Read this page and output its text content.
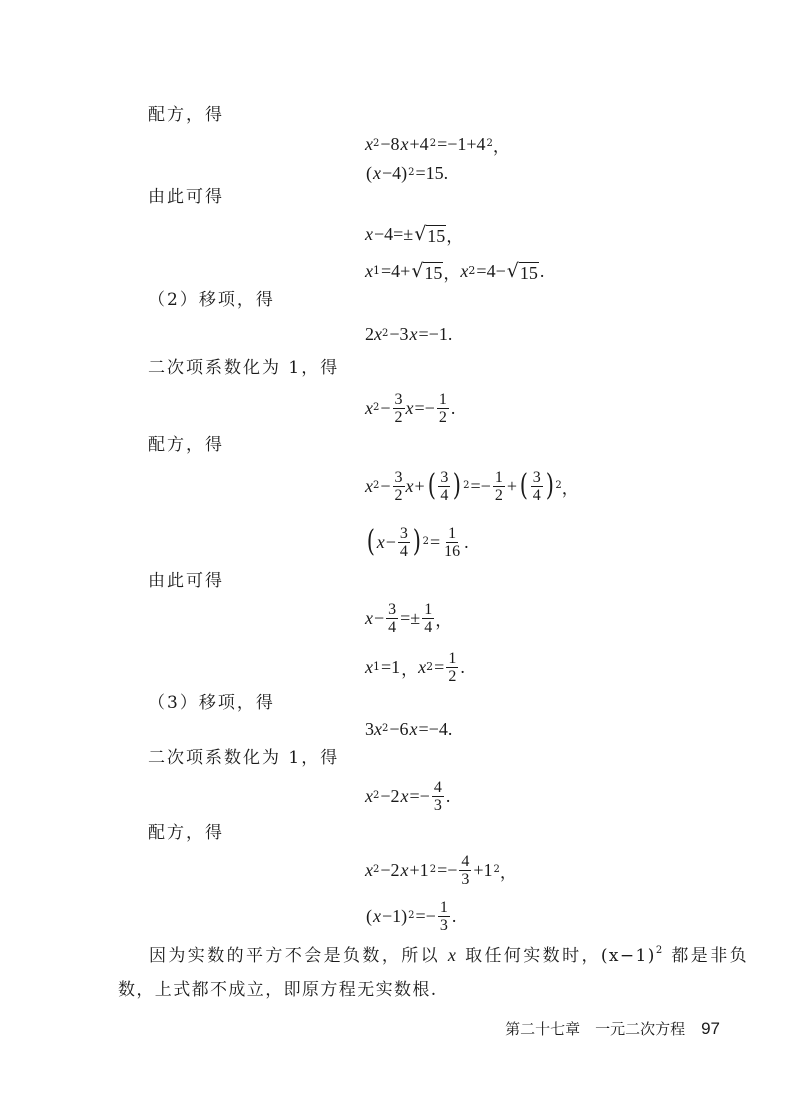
配方，得
x 2 −8 x +4 2 =−1+4 2 ，
( x −4) 2 =15.
由此可得
x −4=± √ 15 ，
x 1 =4+ √ 15 ， x 2 =4− √ 15 .
（2）移项，得
2 x 2 −3 x =−1.
二次项系数化为 1，得
x $2 - \frac{3}{2}$ $x =- \frac{1}{2}$ .
配方，得
x $2 - \frac{3}{2}$ x + ( $\frac{3}{4}$ ) $2 =- \frac{1}{2}$ + ( $\frac{3}{4}$ ) 2 ，
( $x - \frac{3}{4}$ ) $2 = \frac{1}{16}$ .
由此可得
$x - \frac{3}{4} =\pm \frac{1}{4}$ ，
x 1 =1 ， x $2 = \frac{1}{2}$ .
（3）移项，得
3 x 2 −6 x =−4.
二次项系数化为 1，得
x 2 −2 $x =- \frac{4}{3}$ .
配方，得
x 2 −2 x +1 $2 =- \frac{4}{3} +1$ 2 ，
( x −1) $2 =- \frac{1}{3}$ .
因为实数的平方不会是负数，所以 x 取任何实数时，$(x-1)^2$ 都是非负数，上式都不成立，即原方程无实数根.
第二十七章　一元二次方程 97
